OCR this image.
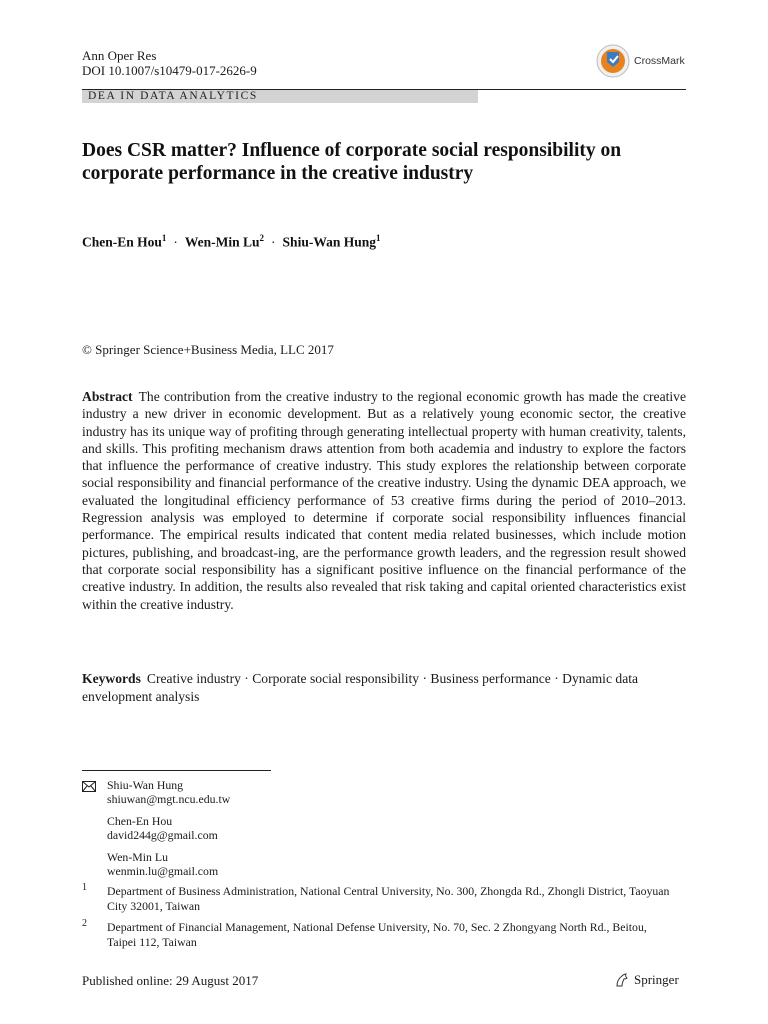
Ann Oper Res
DOI 10.1007/s10479-017-2626-9
CrossMark
DEA IN DATA ANALYTICS
Does CSR matter? Influence of corporate social responsibility on corporate performance in the creative industry
Chen-En Hou$^1$ · Wen-Min $Lu^2$ · Shiu-Wan Hung$^1$
© Springer Science+Business Media, LLC 2017
Abstract The contribution from the creative industry to the regional economic growth has made the creative industry a new driver in economic development. But as a relatively young economic sector, the creative industry has its unique way of profiting through generating intellectual property with human creativity, talents, and skills. This profiting mechanism draws attention from both academia and industry to explore the factors that influence the performance of creative industry. This study explores the relationship between corporate social responsibility and financial performance of the creative industry. Using the dynamic DEA approach, we evaluated the longitudinal efficiency performance of 53 creative firms during the period of 2010–2013. Regression analysis was employed to determine if corporate social responsibility influences financial performance. The empirical results indicated that content media related businesses, which include motion pictures, publishing, and broadcast-ing, are the performance growth leaders, and the regression result showed that corporate social responsibility has a significant positive influence on the financial performance of the creative industry. In addition, the results also revealed that risk taking and capital oriented characteristics exist within the creative industry.
Keywords Creative industry · Corporate social responsibility · Business performance · Dynamic data envelopment analysis
Shiu-Wan Hung
shiuwan@mgt.ncu.edu.tw
Chen-En Hou
david244g@gmail.com
Wen-Min Lu
wenmin.lu@gmail.com
1 Department of Business Administration, National Central University, No. 300, Zhongda Rd., Zhongli District, Taoyuan City 32001, Taiwan
2 Department of Financial Management, National Defense University, No. 70, Sec. 2 Zhongyang North Rd., Beitou, Taipei 112, Taiwan
Published online: 29 August 2017	Springer
